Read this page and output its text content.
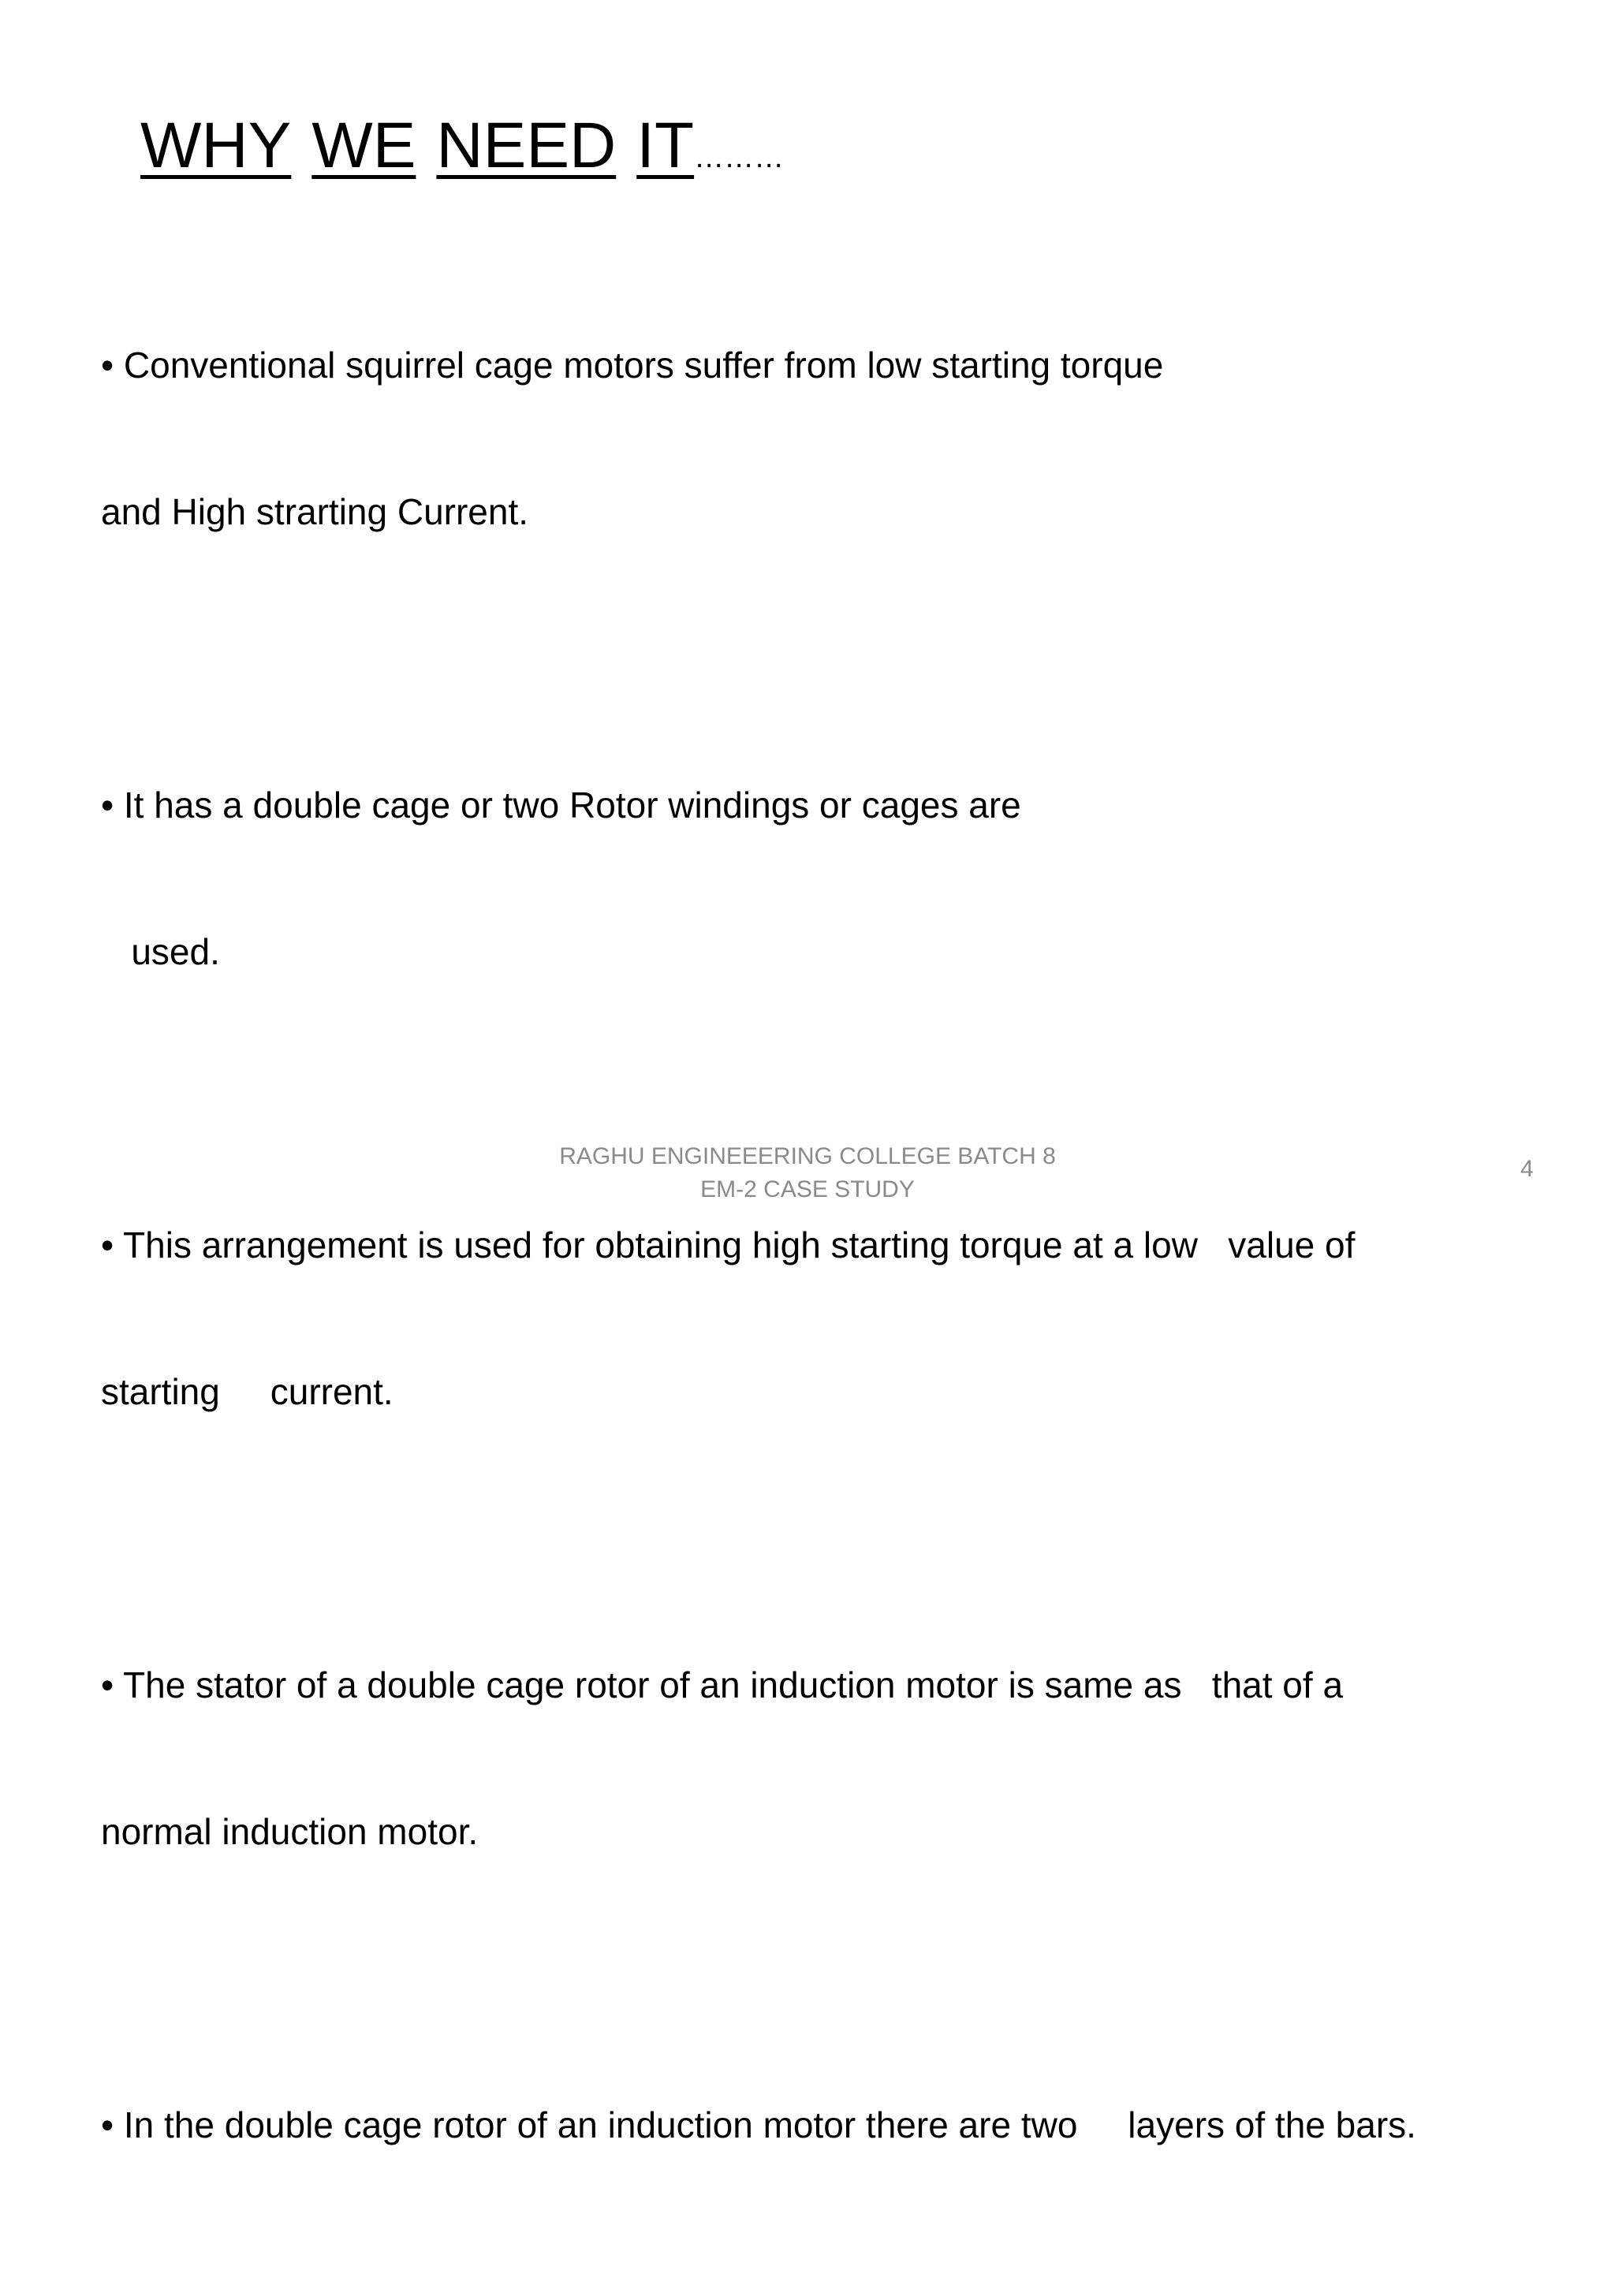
WHY WE NEED IT………

• Conventional squirrel cage motors suffer from low starting torque

and High strarting Current.

• It has a double cage or two Rotor windings or cages are

used.

• This arrangement is used for obtaining high starting torque at a low   value of

starting     current.

• The stator of a double cage rotor of an induction motor is same as   that of a

normal induction motor.

• In the double cage rotor of an induction motor there are two     layers of the bars.

RAGHU ENGINEEERING COLLEGE BATCH 8
EM-2 CASE STUDY
4
